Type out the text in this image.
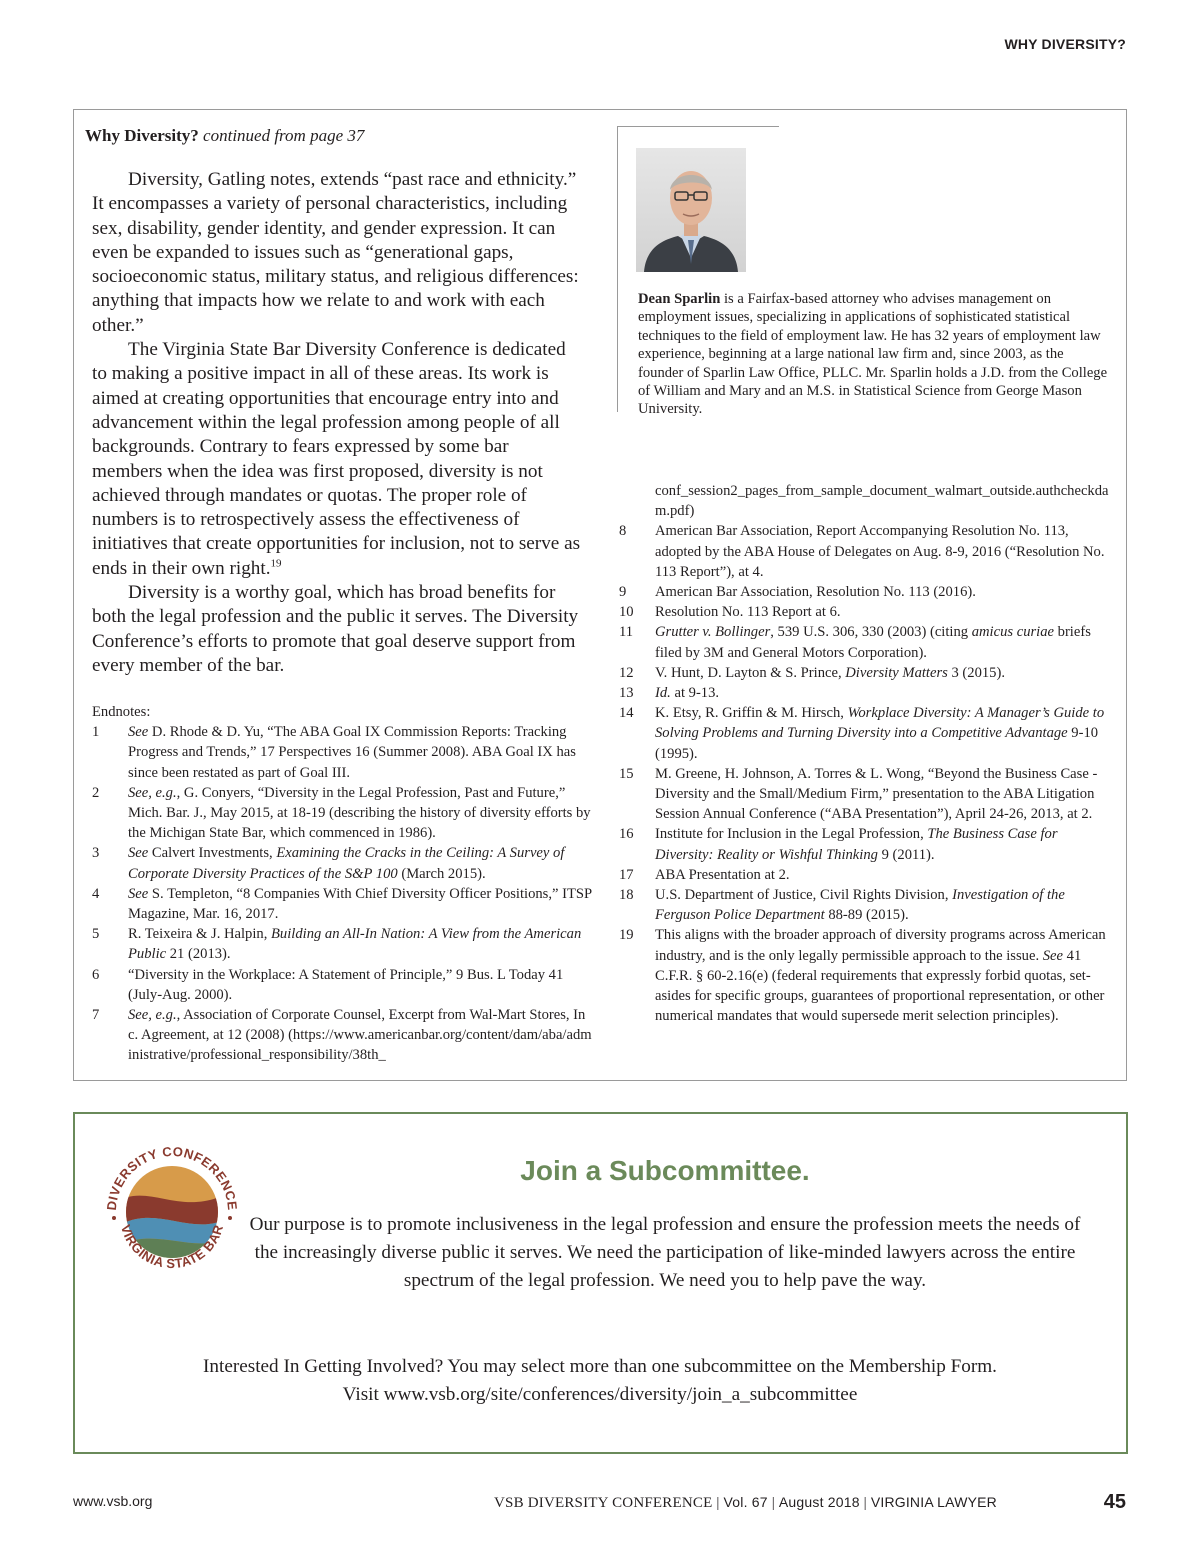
WHY DIVERSITY?
Why Diversity? continued from page 37

Diversity, Gatling notes, extends “past race and ethnicity.” It encompasses a variety of personal characteristics, including sex, disability, gender identity, and gender expression. It can even be expanded to issues such as “generational gaps, socioeconomic status, military status, and religious differences: anything that impacts how we relate to and work with each other.”

The Virginia State Bar Diversity Conference is dedicated to making a positive impact in all of these areas. Its work is aimed at creating opportunities that encourage entry into and advancement within the legal profession among people of all backgrounds. Contrary to fears expressed by some bar members when the idea was first proposed, diversity is not achieved through mandates or quotas. The proper role of numbers is to retrospectively assess the effectiveness of initiatives that create opportunities for inclusion, not to serve as ends in their own right.$^{19}$

Diversity is a worthy goal, which has broad benefits for both the legal profession and the public it serves. The Diversity Conference’s efforts to promote that goal deserve support from every member of the bar.

Dean Sparlin is a Fairfax-based attorney who advises management on employment issues, specializing in applications of sophisticated statistical techniques to the field of employment law. He has 32 years of employment law experience, beginning at a large national law firm and, since 2003, as the founder of Sparlin Law Office, PLLC. Mr. Sparlin holds a J.D. from the College of William and Mary and an M.S. in Statistical Science from George Mason University.

Endnotes:

1	See D. Rhode & D. Yu, “The ABA Goal IX Commission Reports: Tracking Progress and Trends,” 17 Perspectives 16 (Summer 2008). ABA Goal IX has since been restated as part of Goal III.
2	See, e.g., G. Conyers, “Diversity in the Legal Profession, Past and Future,” Mich. Bar. J., May 2015, at 18-19 (describing the history of diversity efforts by the Michigan State Bar, which commenced in 1986).
3	See Calvert Investments, Examining the Cracks in the Ceiling: A Survey of Corporate Diversity Practices of the S&P 100 (March 2015).
4	See S. Templeton, “8 Companies With Chief Diversity Officer Positions,” ITSP Magazine, Mar. 16, 2017.
5	R. Teixeira & J. Halpin, Building an All-In Nation: A View from the American Public 21 (2013).
6	“Diversity in the Workplace: A Statement of Principle,” 9 Bus. L Today 41 (July-Aug. 2000).
7	See, e.g., Association of Corporate Counsel, Excerpt from Wal-Mart Stores, Inc. Agreement, at 12 (2008) (https://www.americanbar.org/content/dam/aba/administrative/professional_responsibility/38th_
conf_session2_pages_from_sample_document_walmart_outside.authcheckdam.pdf)
8	American Bar Association, Report Accompanying Resolution No. 113, adopted by the ABA House of Delegates on Aug. 8-9, 2016 (“Resolution No. 113 Report”), at 4.
9	American Bar Association, Resolution No. 113 (2016).
10	Resolution No. 113 Report at 6.
11	Grutter v. Bollinger, 539 U.S. 306, 330 (2003) (citing amicus curiae briefs filed by 3M and General Motors Corporation).
12	V. Hunt, D. Layton & S. Prince, Diversity Matters 3 (2015).
13	Id. at 9-13.
14	K. Etsy, R. Griffin & M. Hirsch, Workplace Diversity: A Manager’s Guide to Solving Problems and Turning Diversity into a Competitive Advantage 9-10 (1995).
15	M. Greene, H. Johnson, A. Torres & L. Wong, “Beyond the Business Case - Diversity and the Small/Medium Firm,” presentation to the ABA Litigation Session Annual Conference (“ABA Presentation”), April 24-26, 2013, at 2.
16	Institute for Inclusion in the Legal Profession, The Business Case for Diversity: Reality or Wishful Thinking 9 (2011).
17	ABA Presentation at 2.
18	U.S. Department of Justice, Civil Rights Division, Investigation of the Ferguson Police Department 88-89 (2015).
19	This aligns with the broader approach of diversity programs across American industry, and is the only legally permissible approach to the issue. See 41 C.F.R. § 60-2.16(e) (federal requirements that expressly forbid quotas, set-asides for specific groups, guarantees of proportional representation, or other numerical mandates that would supersede merit selection principles).
DIVERSITY CONFERENCE
VIRGINIA STATE BAR
Join a Subcommittee.
Our purpose is to promote inclusiveness in the legal profession and ensure the profession meets the needs of the increasingly diverse public it serves. We need the participation of like-minded lawyers across the entire spectrum of the legal profession. We need you to help pave the way.
Interested In Getting Involved? You may select more than one subcommittee on the Membership Form.
Visit www.vsb.org/site/conferences/diversity/join_a_subcommittee
www.vsb.org	VSB DIVERSITY CONFERENCE | Vol. 67 | August 2018 | VIRGINIA LAWYER	45
